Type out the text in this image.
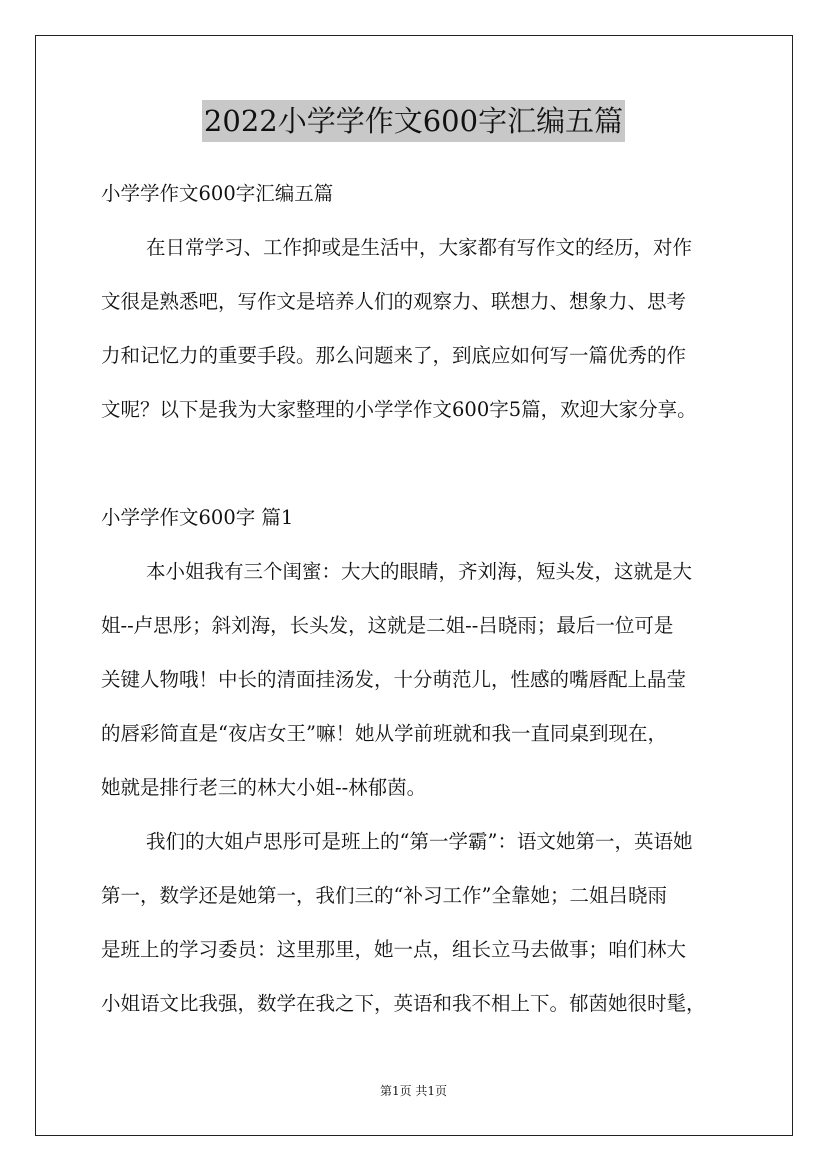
2022小学学作文600字汇编五篇
小学学作文600字汇编五篇
在日常学习、工作抑或是生活中，大家都有写作文的经历，对作
文很是熟悉吧，写作文是培养人们的观察力、联想力、想象力、思考
力和记忆力的重要手段。那么问题来了，到底应如何写一篇优秀的作
文呢？以下是我为大家整理的小学学作文600字5篇，欢迎大家分享。
小学学作文600字 篇1
本小姐我有三个闺蜜：大大的眼睛，齐刘海，短头发，这就是大
姐--卢思彤；斜刘海，长头发，这就是二姐--吕晓雨；最后一位可是
关键人物哦！中长的清面挂汤发，十分萌范儿，性感的嘴唇配上晶莹
的唇彩简直是“夜店女王”嘛！她从学前班就和我一直同桌到现在，
她就是排行老三的林大小姐--林郁茵。
我们的大姐卢思彤可是班上的“第一学霸”：语文她第一，英语她
第一，数学还是她第一，我们三的“补习工作”全靠她；二姐吕晓雨
是班上的学习委员：这里那里，她一点，组长立马去做事；咱们林大
小姐语文比我强，数学在我之下，英语和我不相上下。郁茵她很时髦，
第1页 共1页
